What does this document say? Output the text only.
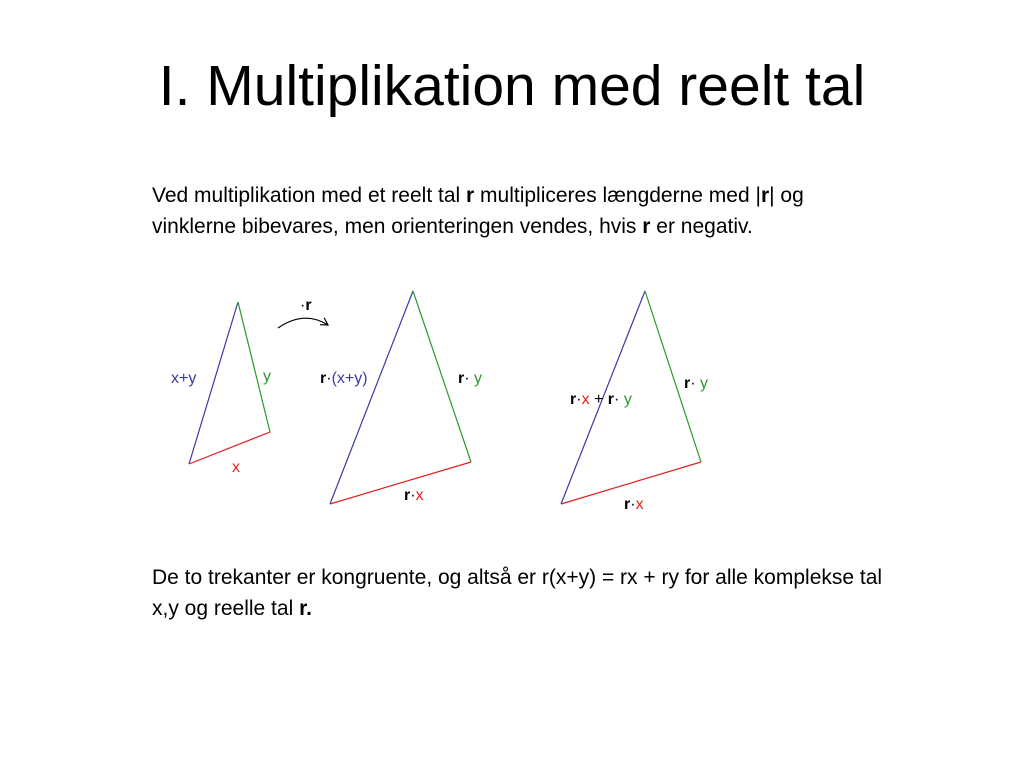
I. Multiplikation med reelt tal

Ved multiplikation med et reelt tal r multipliceres længderne med |r| og vinklerne bibevares, men orienteringen vendes, hvis r er negativ.

x+y	y
x
·r
r·(x+y)	r· y
r·x
r·x + r· y
r· y
r·x

De to trekanter er kongruente, og altså er r(x+y) = rx + ry for alle komplekse tal x,y og reelle tal r.
